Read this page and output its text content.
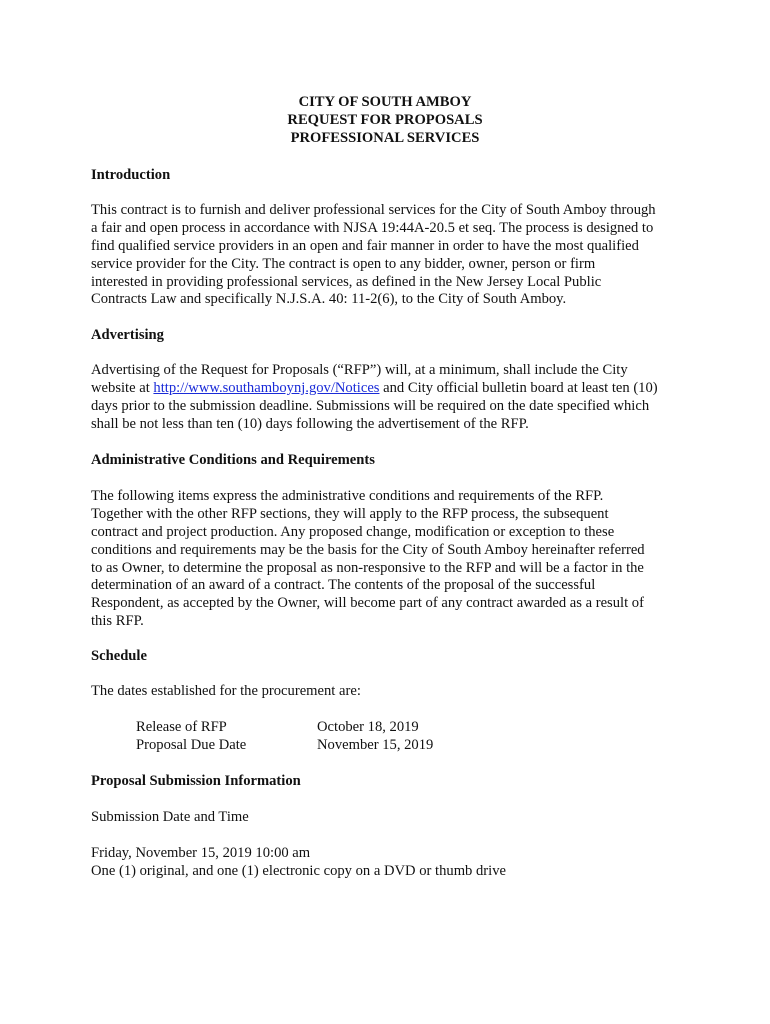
CITY OF SOUTH AMBOY
REQUEST FOR PROPOSALS
PROFESSIONAL SERVICES
Introduction
This contract is to furnish and deliver professional services for the City of South Amboy through
a fair and open process in accordance with NJSA 19:44A-20.5 et seq. The process is designed to
find qualified service providers in an open and fair manner in order to have the most qualified
service provider for the City. The contract is open to any bidder, owner, person or firm
interested in providing professional services, as defined in the New Jersey Local Public
Contracts Law and specifically N.J.S.A. 40: 11-2(6), to the City of South Amboy.
Advertising
Advertising of the Request for Proposals (“RFP”) will, at a minimum, shall include the City
website at http://www.southamboynj.gov/Notices and City official bulletin board at least ten (10)
days prior to the submission deadline. Submissions will be required on the date specified which
shall be not less than ten (10) days following the advertisement of the RFP.
Administrative Conditions and Requirements
The following items express the administrative conditions and requirements of the RFP.
Together with the other RFP sections, they will apply to the RFP process, the subsequent
contract and project production. Any proposed change, modification or exception to these
conditions and requirements may be the basis for the City of South Amboy hereinafter referred
to as Owner, to determine the proposal as non-responsive to the RFP and will be a factor in the
determination of an award of a contract. The contents of the proposal of the successful
Respondent, as accepted by the Owner, will become part of any contract awarded as a result of
this RFP.
Schedule
The dates established for the procurement are:
Release of RFP	October 18, 2019
Proposal Due Date	November 15, 2019
Proposal Submission Information
Submission Date and Time
Friday, November 15, 2019 10:00 am
One (1) original, and one (1) electronic copy on a DVD or thumb drive
